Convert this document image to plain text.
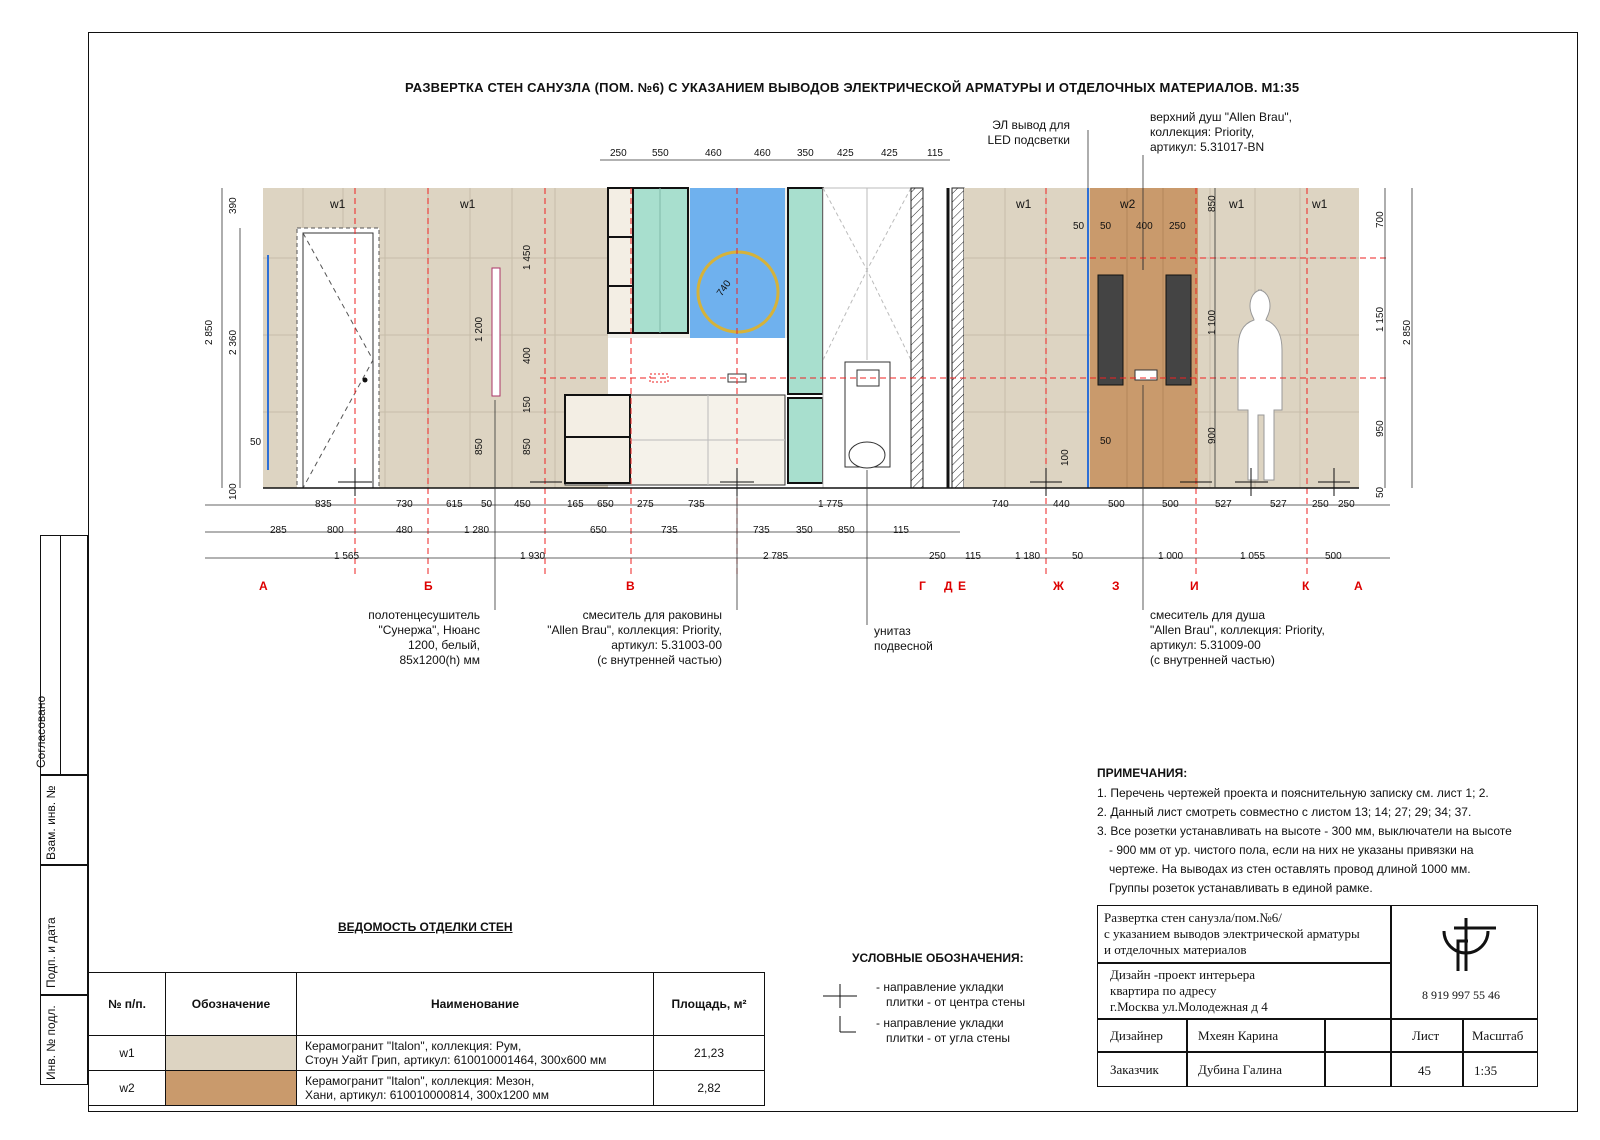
РАЗВЕРТКА СТЕН САНУЗЛА (ПОМ. №6) С УКАЗАНИЕМ ВЫВОДОВ ЭЛЕКТРИЧЕСКОЙ АРМАТУРЫ И ОТДЕЛОЧНЫХ МАТЕРИАЛОВ. М1:35
w1	w1	w1	w2	w1	w1
250	550	460	460	350 425	425	115
835	730	615 50 450	165 650 275	735	1 775	740	440	500	500	527	527	250 250
285	800	480	1 280	650	735	735	350	850	115
1 565	1 930	2 785	250 115	1 180	50	1 000	1 055	500
390
2 850 2 360
50
100
1 450
1 200
400
150
850	850
740
850
1 100
900
100
50
50
400 250
50	700
1 150
950
2 850
50
А	Б	В	Г Д Е	Ж	З	И	К	А
полотенцесушитель
"Сунержа", Нюанс
1200, белый,
85x1200(h) мм
смеситель для раковины
"Allen Brau", коллекция: Priority,
артикул: 5.31003-00
(с внутренней частью)
унитаз
подвесной
смеситель для душа
"Allen Brau", коллекция: Priority,
артикул: 5.31009-00
(с внутренней частью)
ЭЛ вывод для
LED подсветки
верхний душ "Allen Brau",
коллекция: Priority,
артикул: 5.31017-BN
ПРИМЕЧАНИЯ:
1. Перечень чертежей проекта и пояснительную записку см. лист 1; 2.
2. Данный лист смотреть совместно с листом 13; 14; 27; 29; 34; 37.
3. Все розетки устанавливать на высоте - 300 мм, выключатели на высоте
- 900 мм от ур. чистого пола, если на них не указаны привязки на
чертеже. На выводах из стен оставлять провод длиной 1000 мм.
Группы розеток устанавливать в единой рамке.
ВЕДОМОСТЬ ОТДЕЛКИ СТЕН
№ п/п.	Обозначение	Наименование	Площадь, м²
w1		Керамогранит "Italon", коллекция: Рум,
Стоун Уайт Грип, артикул: 610010001464, 300x600 мм	21,23
w2		Керамогранит "Italon", коллекция: Мезон,
Хани, артикул: 610010000814, 300x1200 мм	2,82
УСЛОВНЫЕ ОБОЗНАЧЕНИЯ:
- направление укладки
плитки - от центра стены
- направление укладки
плитки - от угла стены
Согласовано
Взам. инв. №
Подп. и дата
Инв. № подл.
Развертка стен санузла/пом.№6/
с указанием выводов электрической арматуры
и отделочных материалов
Дизайн -проект интерьера
квартира по адресу
г.Москва ул.Молодежная д 4
8 919 997 55 46
Дизайнер	Мхеян Карина	Лист	Масштаб
Заказчик	Дубина Галина	45	1:35
